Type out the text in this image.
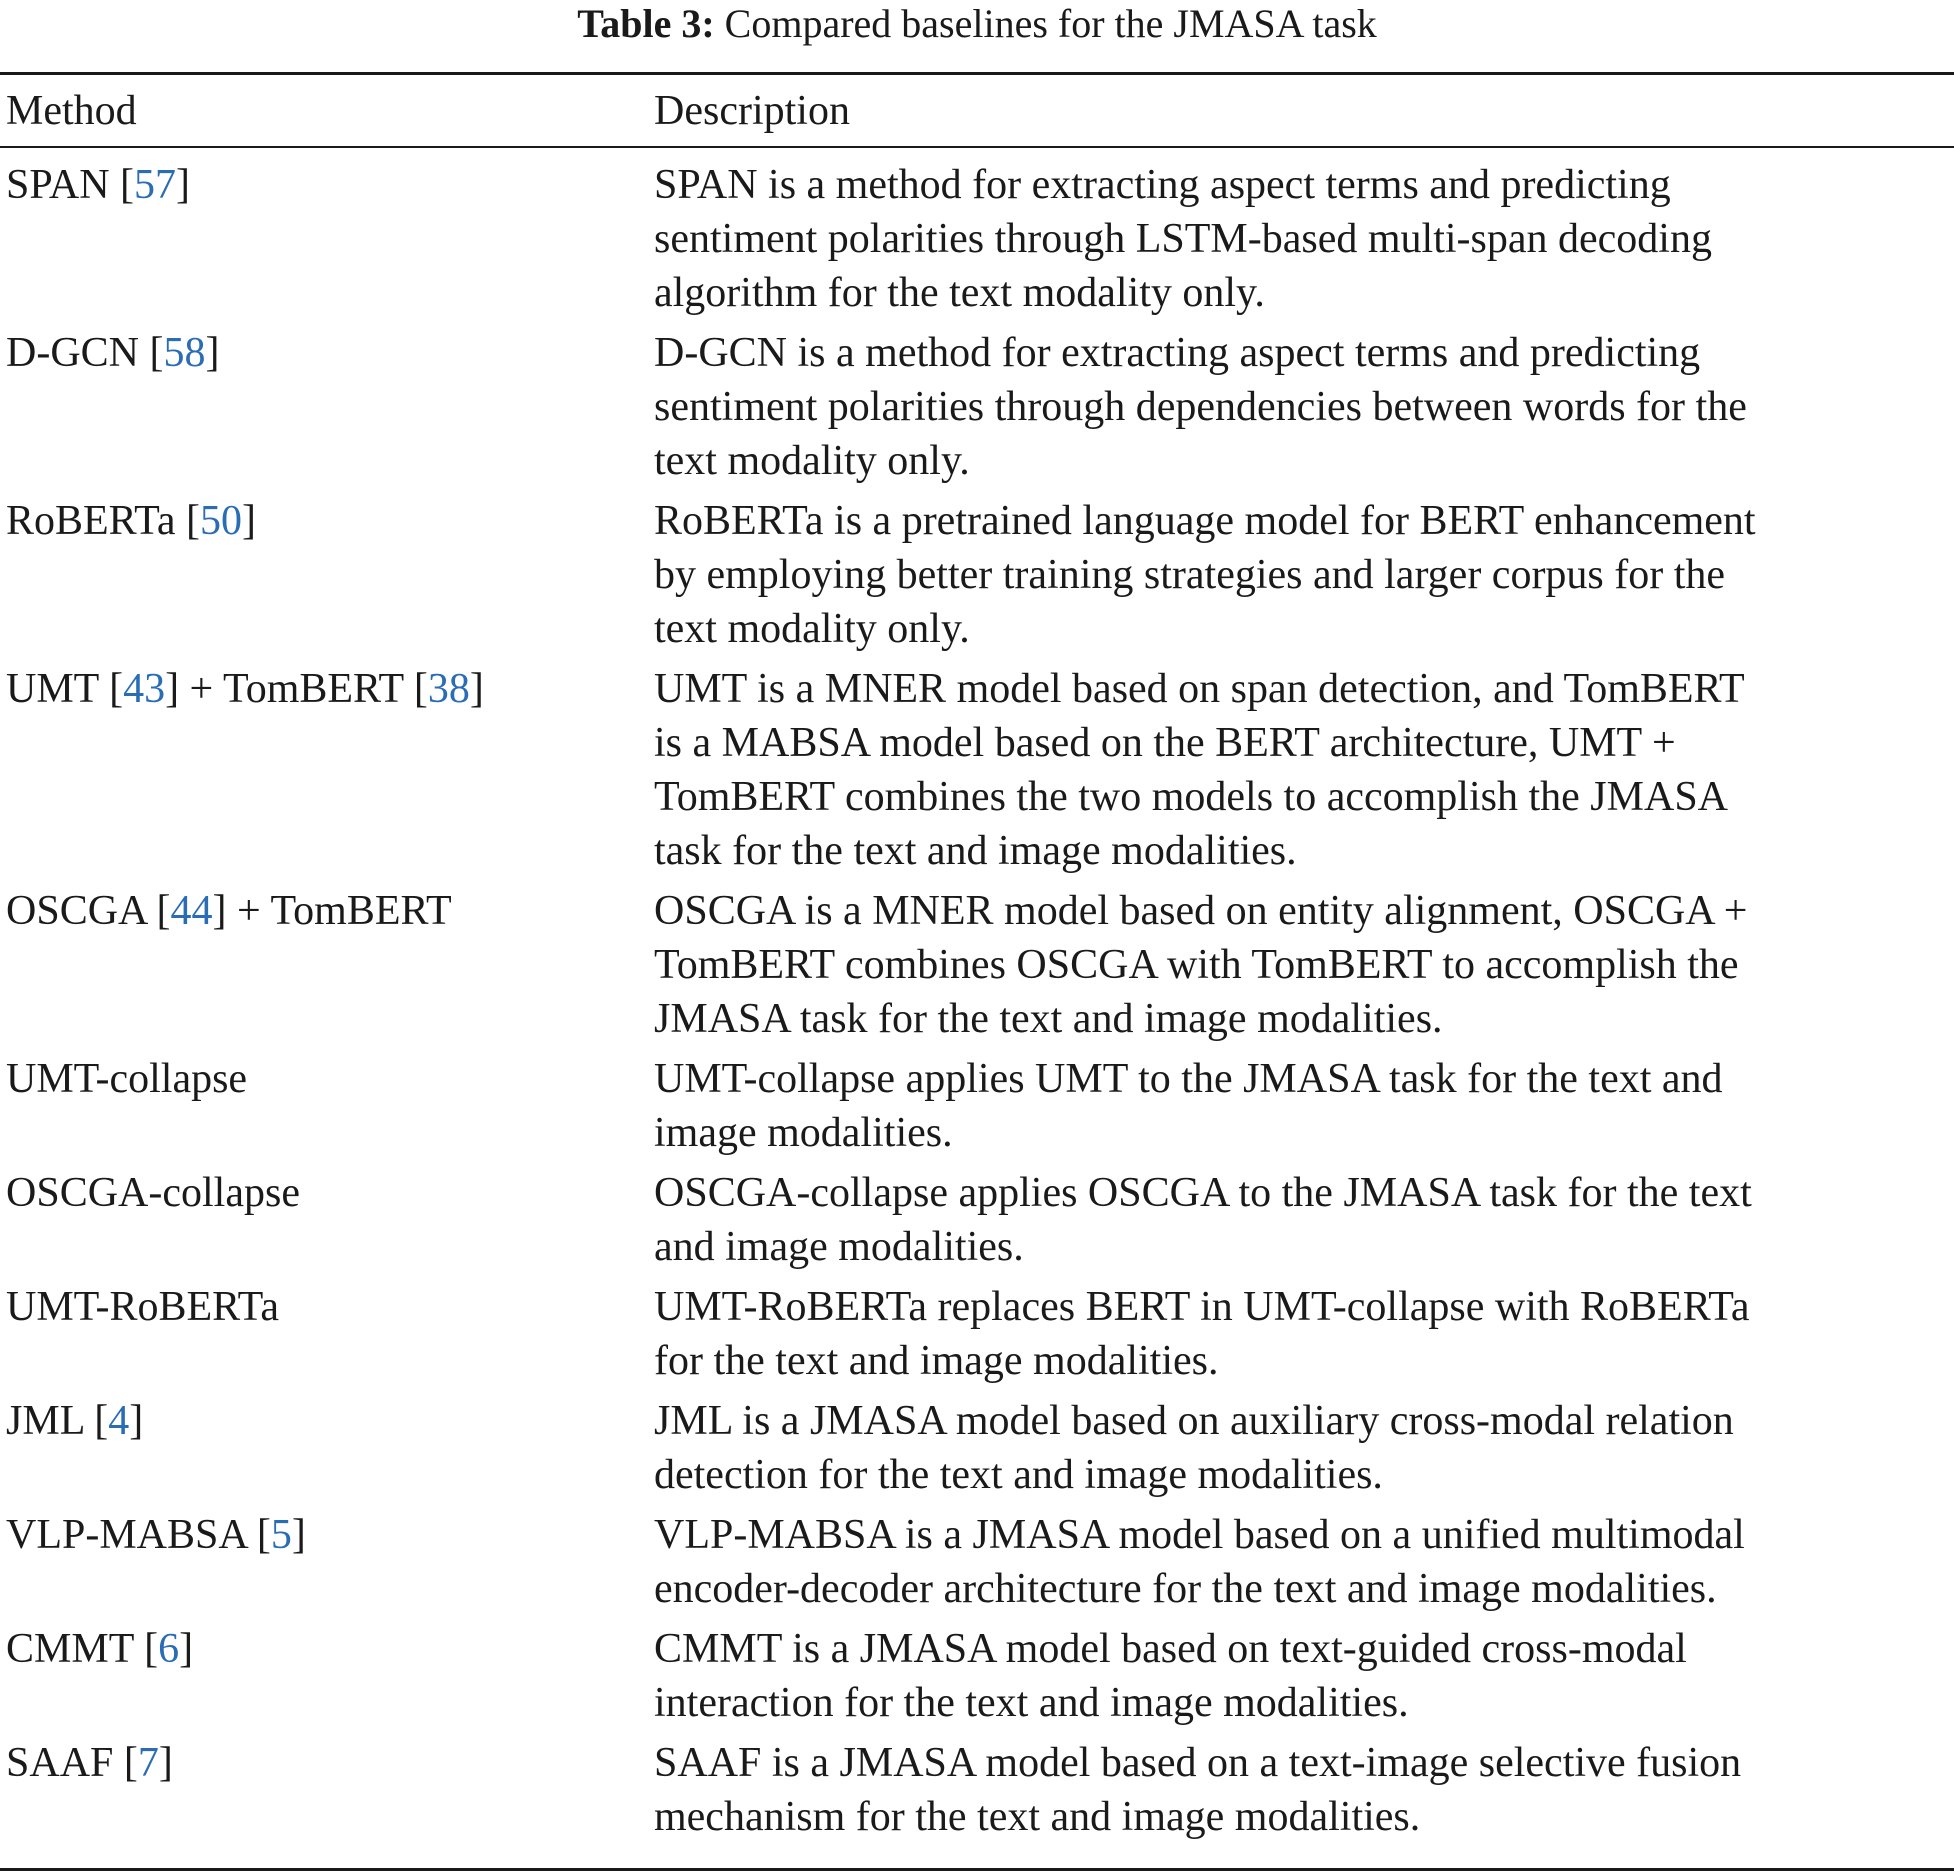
Table 3: Compared baselines for the JMASA task
Method	Description
SPAN [57]	SPAN is a method for extracting aspect terms and predicting
sentiment polarities through LSTM-based multi-span decoding
algorithm for the text modality only.
D-GCN [58]	D-GCN is a method for extracting aspect terms and predicting
sentiment polarities through dependencies between words for the
text modality only.
RoBERTa [50]	RoBERTa is a pretrained language model for BERT enhancement
by employing better training strategies and larger corpus for the
text modality only.
UMT [43] + TomBERT [38]	UMT is a MNER model based on span detection, and TomBERT
is a MABSA model based on the BERT architecture, UMT +
TomBERT combines the two models to accomplish the JMASA
task for the text and image modalities.
OSCGA [44] + TomBERT	OSCGA is a MNER model based on entity alignment, OSCGA +
TomBERT combines OSCGA with TomBERT to accomplish the
JMASA task for the text and image modalities.
UMT-collapse	UMT-collapse applies UMT to the JMASA task for the text and
image modalities.
OSCGA-collapse	OSCGA-collapse applies OSCGA to the JMASA task for the text
and image modalities.
UMT-RoBERTa	UMT-RoBERTa replaces BERT in UMT-collapse with RoBERTa
for the text and image modalities.
JML [4]	JML is a JMASA model based on auxiliary cross-modal relation
detection for the text and image modalities.
VLP-MABSA [5]	VLP-MABSA is a JMASA model based on a unified multimodal
encoder-decoder architecture for the text and image modalities.
CMMT [6]	CMMT is a JMASA model based on text-guided cross-modal
interaction for the text and image modalities.
SAAF [7]	SAAF is a JMASA model based on a text-image selective fusion
mechanism for the text and image modalities.
